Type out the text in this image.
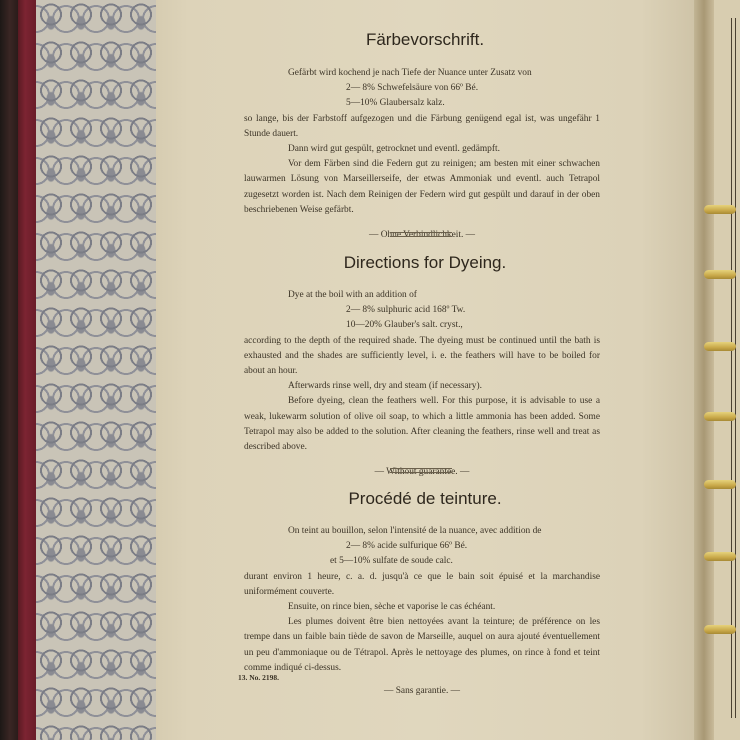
Färbevorschrift.

Gefärbt wird kochend je nach Tiefe der Nuance unter Zusatz von

2— 8% Schwefelsäure von 66º Bé.

5—10% Glaubersalz kalz.

so lange, bis der Farbstoff aufgezogen und die Färbung genügend egal ist, was ungefähr 1 Stunde dauert.

Dann wird gut gespült, getrocknet und eventl. gedämpft.

Vor dem Färben sind die Federn gut zu reinigen; am besten mit einer schwachen lauwarmen Lösung von Marseillerseife, der etwas Ammoniak und eventl. auch Tetrapol zugesetzt worden ist. Nach dem Reinigen der Federn wird gut gespült und darauf in der oben beschriebenen Weise gefärbt.

— Ohne Verbindlichkeit. —

Directions for Dyeing.

Dye at the boil with an addition of

2— 8% sulphuric acid 168º Tw.

10—20% Glauber's salt. cryst.,

according to the depth of the required shade. The dyeing must be continued until the bath is exhausted and the shades are sufficiently level, i. e. the feathers will have to be boiled for about an hour.

Afterwards rinse well, dry and steam (if necessary).

Before dyeing, clean the feathers well. For this purpose, it is advisable to use a weak, lukewarm solution of olive oil soap, to which a little ammonia has been added. Some Tetrapol may also be added to the solution. After cleaning the feathers, rinse well and treat as described above.

— Without guarantee. —

Procédé de teinture.

On teint au bouillon, selon l'intensité de la nuance, avec addition de

2— 8% acide sulfurique 66º Bé.

et 5—10% sulfate de soude calc.

durant environ 1 heure, c. a. d. jusqu'à ce que le bain soit épuisé et la marchandise uniformément couverte.

Ensuite, on rince bien, sèche et vaporise le cas échéant.

Les plumes doivent être bien nettoyées avant la teinture; de préférence on les trempe dans un faible bain tiède de savon de Marseille, auquel on aura ajouté éventuellement un peu d'ammoniaque ou de Tétrapol. Après le nettoyage des plumes, on rince à fond et teint comme indiqué ci-dessus.

— Sans garantie. —

13. No. 2198.
